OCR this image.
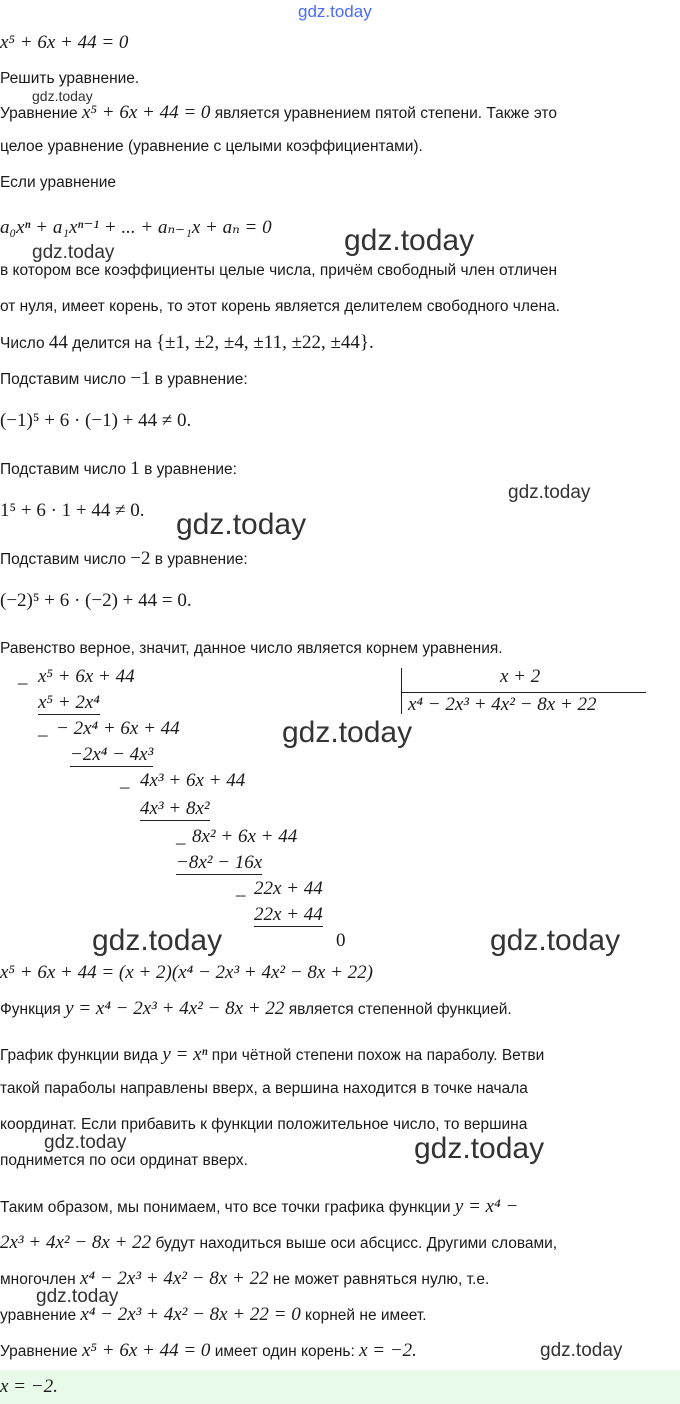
gdz.today
gdz.today
gdz.today	gdz.today
gdz.today
gdz.today
gdz.today
gdz.today	gdz.today
gdz.today	gdz.today
gdz.today
gdz.today
x⁵ + 6x + 44 = 0
Решить уравнение.
Уравнение x⁵ + 6x + 44 = 0 является уравнением пятой степени. Также это
целое уравнение (уравнение с целыми коэффициентами).
Если уравнение
a₀xⁿ + a₁xⁿ⁻¹ + ... + aₙ₋₁x + aₙ = 0
в котором все коэффициенты целые числа, причём свободный член отличен
от нуля, имеет корень, то этот корень является делителем свободного члена.
Число 44 делится на {±1, ±2, ±4, ±11, ±22, ±44}.
Подставим число −1 в уравнение:
(−1)⁵ + 6 · (−1) + 44 ≠ 0.
Подставим число 1 в уравнение:
1⁵ + 6 · 1 + 44 ≠ 0.
Подставим число −2 в уравнение:
(−2)⁵ + 6 · (−2) + 44 = 0.
Равенство верное, значит, данное число является корнем уравнения.
_ x⁵ + 6x + 44
x⁵ + 2x⁴
_ − 2x⁴ + 6x + 44
−2x⁴ − 4x³
_ 4x³ + 6x + 44
4x³ + 8x²
_ 8x² + 6x + 44
−8x² − 16x
_ 22x + 44
22x + 44
0
x + 2
x⁴ − 2x³ + 4x² − 8x + 22
x⁵ + 6x + 44 = (x + 2)(x⁴ − 2x³ + 4x² − 8x + 22)
Функция y = x⁴ − 2x³ + 4x² − 8x + 22 является степенной функцией.
График функции вида y = xⁿ при чётной степени похож на параболу. Ветви
такой параболы направлены вверх, а вершина находится в точке начала
координат. Если прибавить к функции положительное число, то вершина
поднимется по оси ординат вверх.
Таким образом, мы понимаем, что все точки графика функции y = x⁴ −
2x³ + 4x² − 8x + 22 будут находиться выше оси абсцисс. Другими словами,
многочлен x⁴ − 2x³ + 4x² − 8x + 22 не может равняться нулю, т.е.
уравнение x⁴ − 2x³ + 4x² − 8x + 22 = 0 корней не имеет.
Уравнение x⁵ + 6x + 44 = 0 имеет один корень: x = −2.
x = −2.
